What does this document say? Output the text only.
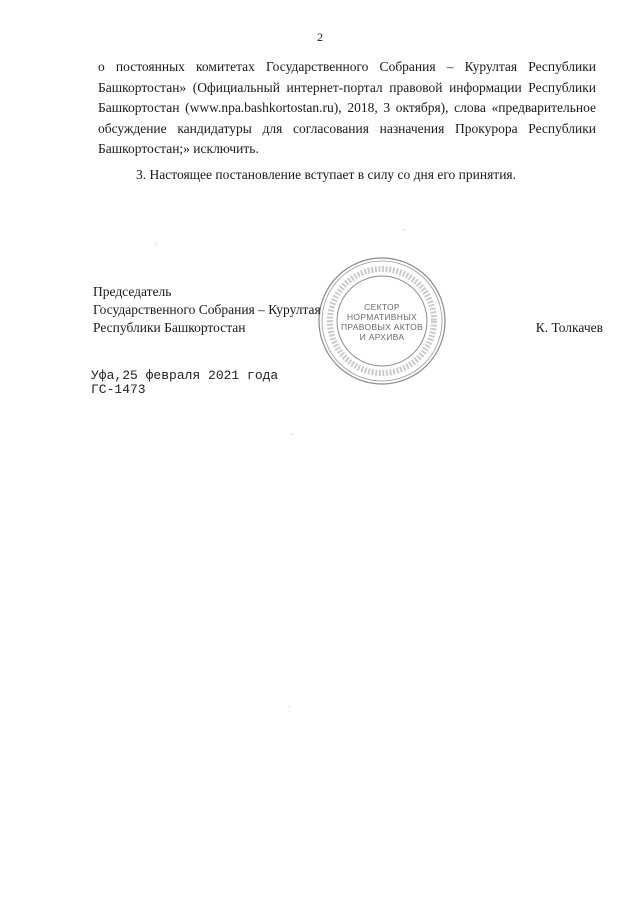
2

о постоянных комитетах Государственного Собрания – Курултая Республики Башкортостан» (Официальный интернет-портал правовой информации Республики Башкортостан (www.npa.bashkortostan.ru), 2018, 3 октября), слова «предварительное обсуждение кандидатуры для согласования назначения Прокурора Республики Башкортостан;» исключить.

3. Настоящее постановление вступает в силу со дня его принятия.

СЕКТОР
НОРМАТИВНЫХ
ПРАВОВЫХ АКТОВ
И АРХИВА
Председатель
Государственного Собрания – Курултая
Республики Башкортостан	К. Толкачев
Уфа,25 февраля 2021 года
ГС-1473
